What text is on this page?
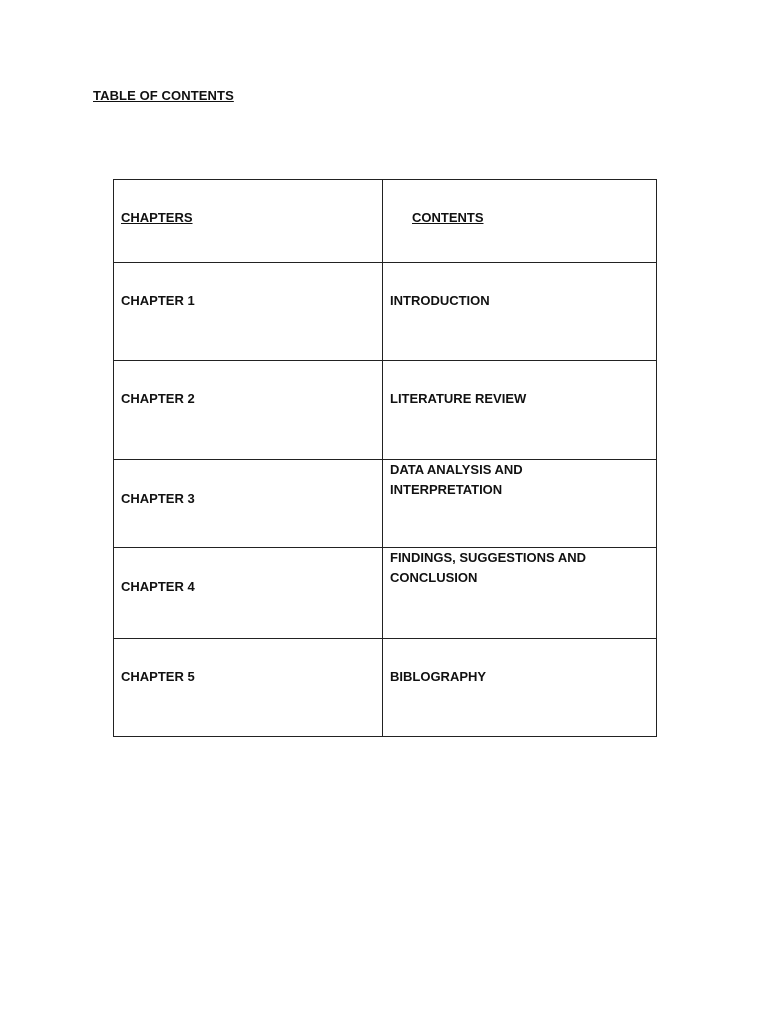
TABLE OF CONTENTS

CHAPTERS	CONTENTS

CHAPTER 1	INTRODUCTION

CHAPTER 2	LITERATURE REVIEW

CHAPTER 3	DATA ANALYSIS AND INTERPRETATION

CHAPTER 4	FINDINGS, SUGGESTIONS AND CONCLUSION

CHAPTER 5	BIBLOGRAPHY
